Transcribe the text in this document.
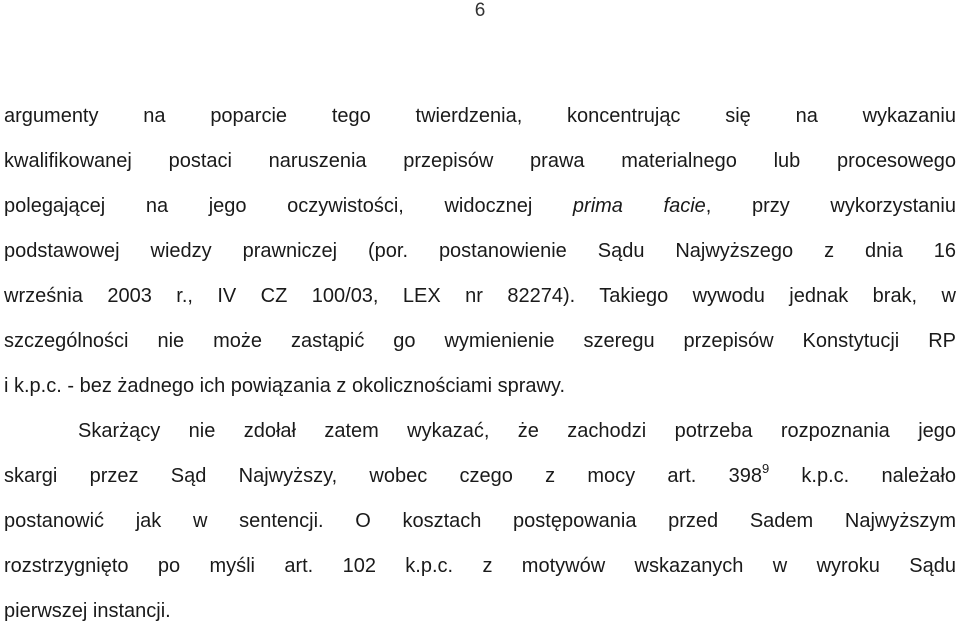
6
argumenty na poparcie tego twierdzenia, koncentrując się na wykazaniu
kwalifikowanej postaci naruszenia przepisów prawa materialnego lub procesowego
polegającej na jego oczywistości, widocznej prima facie, przy wykorzystaniu
podstawowej wiedzy prawniczej (por. postanowienie Sądu Najwyższego z dnia 16
września 2003 r., IV CZ 100/03, LEX nr 82274). Takiego wywodu jednak brak, w
szczególności nie może zastąpić go wymienienie szeregu przepisów Konstytucji RP
i k.p.c. - bez żadnego ich powiązania z okolicznościami sprawy.
Skarżący nie zdołał zatem wykazać, że zachodzi potrzeba rozpoznania jego
skargi przez Sąd Najwyższy, wobec czego z mocy art. $398^9$ k.p.c. należało
postanowić jak w sentencji. O kosztach postępowania przed Sadem Najwyższym
rozstrzygnięto po myśli art. 102 k.p.c. z motywów wskazanych w wyroku Sądu
pierwszej instancji.
